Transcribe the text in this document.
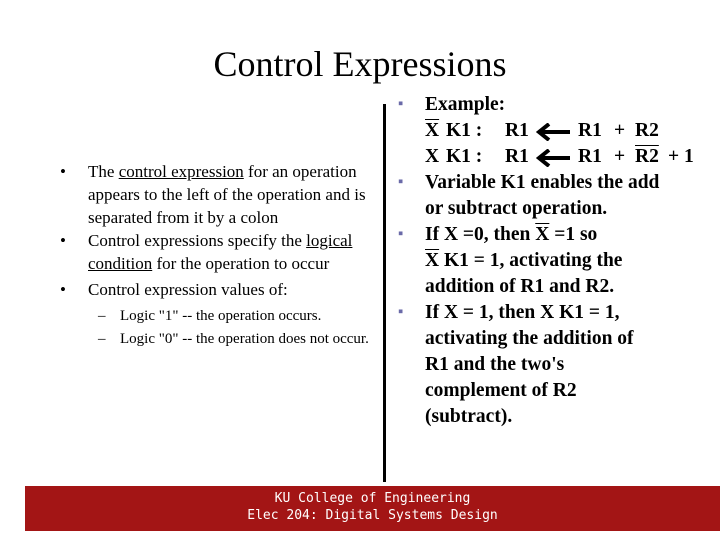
Control Expressions
• The control expression for an operation appears to the left of the operation and is separated from it by a colon
• Control expressions specify the logical condition for the operation to occur
• Control expression values of:
– Logic "1" -- the operation occurs.
– Logic "0" -- the operation does not occur.
▪ Example:
$\overline{X}$ K1 : R1	R1 + R2
X K1 : R1	R1 + R2 + 1
▪ Variable K1 enables the add
or subtract operation.
▪ If X =0, then $\overline{X} =1$ so
$\overline{X}$ K1 = 1, activating the
addition of R1 and R2.
▪ If X = 1, then X K1 = 1,
activating the addition of
R1 and the two's
complement of R2
(subtract).
KU College of Engineering
Elec 204: Digital Systems Design
